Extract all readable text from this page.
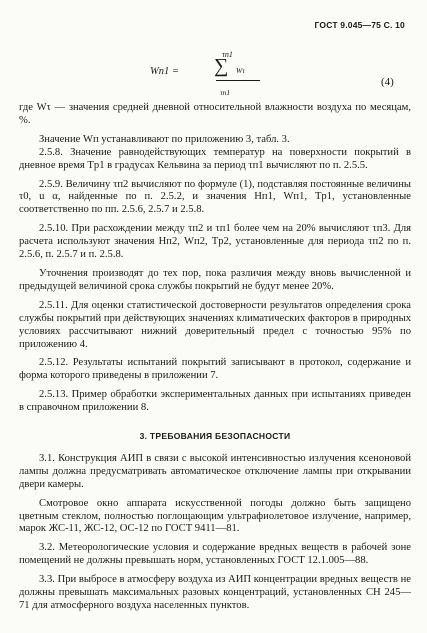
ГОСТ 9.045—75 С. 10
Wп1 =
τп1
∑ Wτ
τп1
(4)

где Wτ — значения средней дневной относительной влажности воздуха по месяцам, %.

Значение Wп устанавливают по приложению 3, табл. 3.

2.5.8. Значение равнодействующих температур на поверхности покрытий в дневное время Tр1 в градусах Кельвина за период τп1 вычисляют по п. 2.5.5.

2.5.9. Величину τп2 вычисляют по формуле (1), подставляя постоянные величины τ0, u α, найденные по п. 2.5.2, и значения Hп1, Wп1, Tр1, установленные соответственно по пп. 2.5.6, 2.5.7 и 2.5.8.

2.5.10. При расхождении между τп2 и τп1 более чем на 20% вычисляют τп3. Для расчета используют значения Hп2, Wп2, Tр2, установленные для периода τп2 по п. 2.5.6, п. 2.5.7 и п. 2.5.8.

Уточнения производят до тех пор, пока различия между вновь вычисленной и предыдущей величиной срока службы покрытий не будут менее 20%.

2.5.11. Для оценки статистической достоверности результатов определения срока службы покрытий при действующих значениях климатических факторов в природных условиях рассчитывают нижний доверительный предел с точностью 95% по приложению 4.

2.5.12. Результаты испытаний покрытий записывают в протокол, содержание и форма которого приведены в приложении 7.

2.5.13. Пример обработки экспериментальных данных при испытаниях приведен в справочном приложении 8.

3. ТРЕБОВАНИЯ БЕЗОПАСНОСТИ

3.1. Конструкция АИП в связи с высокой интенсивностью излучения ксеноновой лампы должна предусматривать автоматическое отключение лампы при открывании двери камеры.

Смотровое окно аппарата искусственной погоды должно быть защищено цветным стеклом, полностью поглощающим ультрафиолетовое излучение, например, марок ЖС-11, ЖС-12, ОС-12 по ГОСТ 9411—81.

3.2. Метеорологические условия и содержание вредных веществ в рабочей зоне помещений не должны превышать норм, установленных ГОСТ 12.1.005—88.

3.3. При выбросе в атмосферу воздуха из АИП концентрации вредных веществ не должны превышать максимальных разовых концентраций, установленных СН 245—71 для атмосферного воздуха населенных пунктов.
